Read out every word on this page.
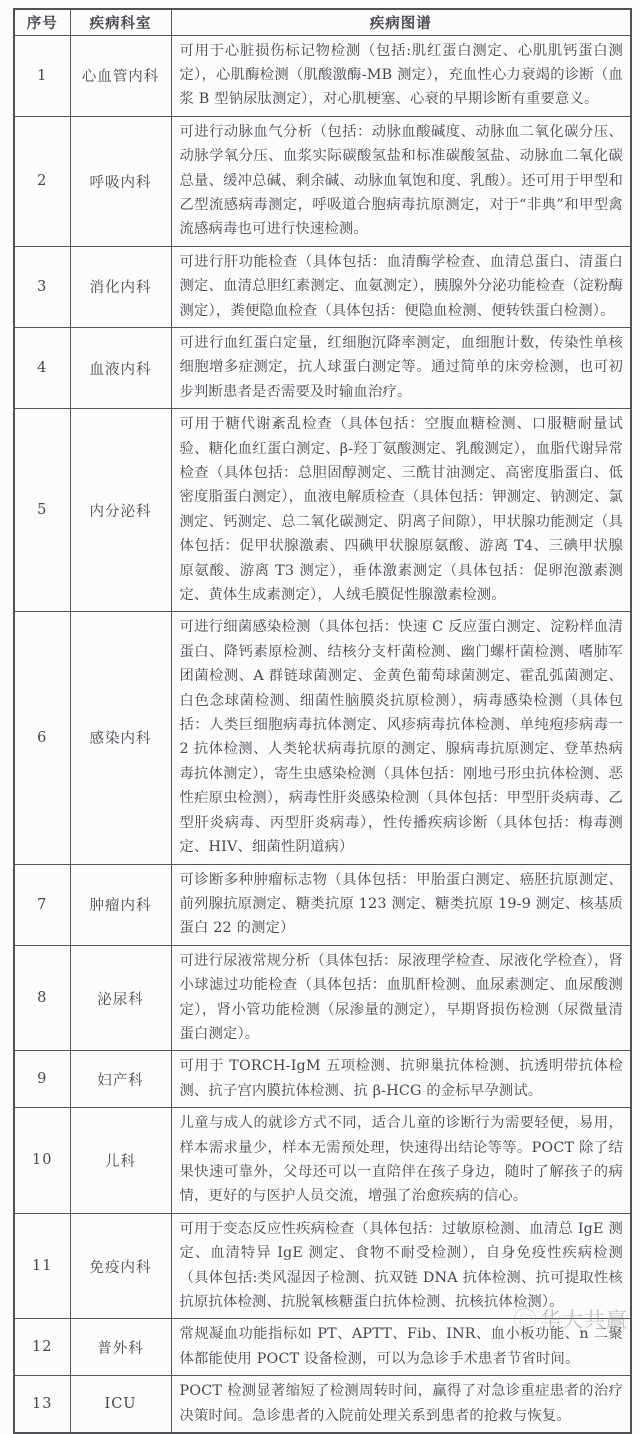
序号	疾病科室	疾病图谱
1	心血管内科	可用于心脏损伤标记物检测（包括:肌红蛋白测定、心肌肌钙蛋白测定），心肌酶检测（肌酸激酶-MB 测定），充血性心力衰竭的诊断（血浆 B 型钠尿肽测定），对心肌梗塞、心衰的早期诊断有重要意义。
2	呼吸内科	可进行动脉血气分析（包括：动脉血酸碱度、动脉血二氧化碳分压、动脉学氧分压、血浆实际碳酸氢盐和标准碳酸氢盐、动脉血二氧化碳总量、缓冲总碱、剩余碱、动脉血氧饱和度、乳酸）。还可用于甲型和乙型流感病毒测定，呼吸道合胞病毒抗原测定，对于“非典”和甲型禽流感病毒也可进行快速检测。
3	消化内科	可进行肝功能检查（具体包括：血清酶学检查、血清总蛋白、清蛋白测定、血清总胆红素测定、血氨测定），胰腺外分泌功能检查（淀粉酶测定），粪便隐血检查（具体包括：便隐血检测、便转铁蛋白检测）。
4	血液内科	可进行血红蛋白定量，红细胞沉降率测定，血细胞计数，传染性单核细胞增多症测定，抗人球蛋白测定等。通过简单的床旁检测，也可初步判断患者是否需要及时输血治疗。
5	内分泌科	可用于糖代谢紊乱检查（具体包括：空腹血糖检测、口服糖耐量试验、糖化血红蛋白测定、β-羟丁氨酸测定、乳酸测定），血脂代谢异常检查（具体包括：总胆固醇测定、三酰甘油测定、高密度脂蛋白、低密度脂蛋白测定），血液电解质检查（具体包括：钾测定、钠测定、氯测定、钙测定、总二氧化碳测定、阴离子间隙），甲状腺功能测定（具体包括：促甲状腺激素、四碘甲状腺原氨酸、游离 T4、三碘甲状腺原氨酸、游离 T3 测定），垂体激素测定（具体包括：促卵泡激素测定、黄体生成素测定），人绒毛膜促性腺激素检测。
6	感染内科	可进行细菌感染检测（具体包括：快速 C 反应蛋白测定、淀粉样血清蛋白、降钙素原检测、结核分支杆菌检测、幽门螺杆菌检测、嗜肺军团菌检测、A 群链球菌测定、金黄色葡萄球菌测定、霍乱弧菌测定、白色念球菌检测、细菌性脑膜炎抗原检测），病毒感染检测（具体包括：人类巨细胞病毒抗体测定、风疹病毒抗体检测、单纯疱疹病毒一 2 抗体检测、人类轮状病毒抗原的测定、腺病毒抗原测定、登革热病毒抗体测定），寄生虫感染检测（具体包括：刚地弓形虫抗体检测、恶性疟原虫检测），病毒性肝炎感染检测（具体包括：甲型肝炎病毒、乙型肝炎病毒、丙型肝炎病毒），性传播疾病诊断（具体包括：梅毒测定、HIV、细菌性阴道病）
7	肿瘤内科	可诊断多种肿瘤标志物（具体包括：甲胎蛋白测定、癌胚抗原测定、前列腺抗原测定、糖类抗原 123 测定、糖类抗原 19-9 测定、核基质蛋白 22 的测定）
8	泌尿科	可进行尿液常规分析（具体包括：尿液理学检查、尿液化学检查），肾小球滤过功能检查（具体包括：血肌酐检测、血尿素测定、血尿酸测定），肾小管功能检测（尿渗量的测定），早期肾损伤检测（尿微量清蛋白测定）。
9	妇产科	可用于 TORCH-IgM 五项检测、抗卵巢抗体检测、抗透明带抗体检测、抗子宫内膜抗体检测、抗 β-HCG 的金标早孕测试。
10	儿科	儿童与成人的就诊方式不同，适合儿童的诊断行为需要轻便，易用，样本需求量少，样本无需预处理，快速得出结论等等。POCT 除了结果快速可靠外，父母还可以一直陪伴在孩子身边，随时了解孩子的病情，更好的与医护人员交流，增强了治愈疾病的信心。
11	免疫内科	可用于变态反应性疾病检查（具体包括：过敏原检测、血清总 IgE 测定、血清特异 IgE 测定、食物不耐受检测），自身免疫性疾病检测（具体包括:类风湿因子检测、抗双链 DNA 抗体检测、抗可提取性核抗原抗体检测、抗脱氧核糖蛋白抗体检测、抗核抗体检测）。
12	普外科	常规凝血功能指标如 PT、APTT、Fib、INR、血小板功能、n 二聚体都能使用 POCT 设备检测，可以为急诊手术患者节省时间。
13	ICU	POCT 检测显著缩短了检测周转时间，赢得了对急诊重症患者的治疗决策时间。急诊患者的入院前处理关系到患者的抢救与恢复。
华大共赢
